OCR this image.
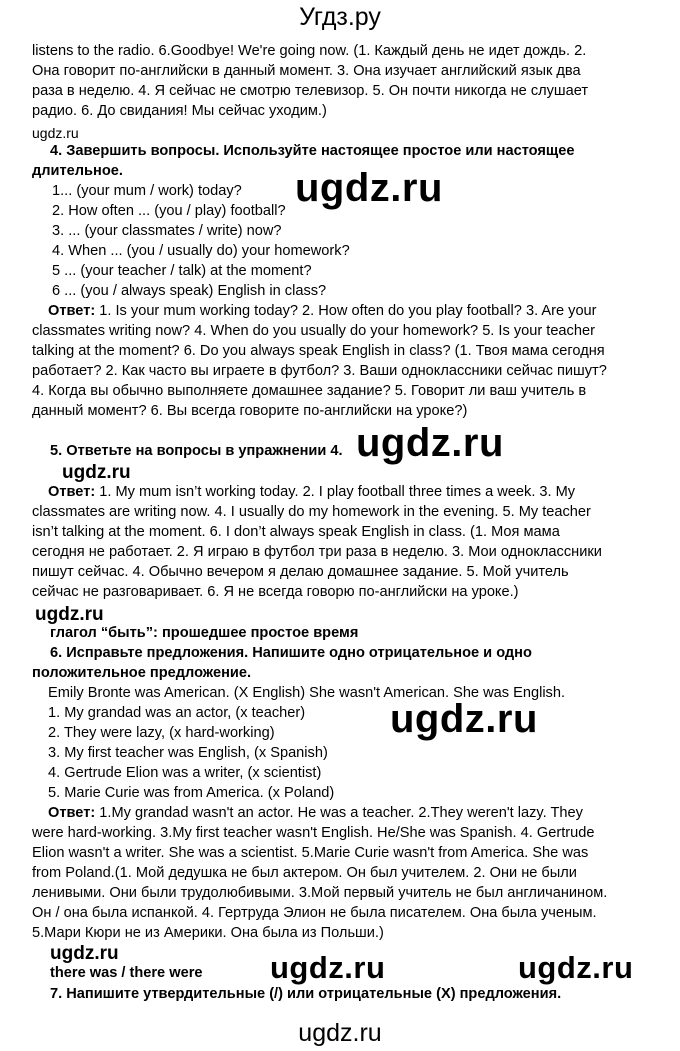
Угдз.ру
listens to the radio. 6.Goodbye! We're going now. (1. Каждый день не идет дождь. 2.
Она говорит по-английски в данный момент. 3. Она изучает английский язык два
раза в неделю. 4. Я сейчас не смотрю телевизор. 5. Он почти никогда не слушает
радио. 6. До свидания! Мы сейчас уходим.)
ugdz.ru
4. Завершить вопросы. Используйте настоящее простое или настоящее
длительное.	ugdz.ru
1... (your mum / work) today?
2. How often ... (you / play) football?
3. ... (your classmates / write) now?
4. When ... (you / usually do) your homework?
5 ... (your teacher / talk) at the moment?
6 ... (you / always speak) English in class?
Ответ: 1. Is your mum working today? 2. How often do you play football? 3. Are your
classmates writing now? 4. When do you usually do your homework? 5. Is your teacher
talking at the moment? 6. Do you always speak English in class? (1. Твоя мама сегодня
работает? 2. Как часто вы играете в футбол? 3. Ваши одноклассники сейчас пишут?
4. Когда вы обычно выполняете домашнее задание? 5. Говорит ли ваш учитель в
данный момент? 6. Вы всегда говорите по-английски на уроке?)
5. Ответьте на вопросы в упражнении 4. ugdz.ru
ugdz.ru
Ответ: 1. My mum isn’t working today. 2. I play football three times a week. 3. My
classmates are writing now. 4. I usually do my homework in the evening. 5. My teacher
isn’t talking at the moment. 6. I don’t always speak English in class. (1. Моя мама
сегодня не работает. 2. Я играю в футбол три раза в неделю. 3. Мои одноклассники
пишут сейчас. 4. Обычно вечером я делаю домашнее задание. 5. Мой учитель
сейчас не разговаривает. 6. Я не всегда говорю по-английски на уроке.)
ugdz.ru
глагол “быть”: прошедшее простое время
6. Исправьте предложения. Напишите одно отрицательное и одно
положительное предложение.
Emily Bronte was American. (X English) She wasn't American. She was English.
1. My grandad was an actor, (x teacher) ugdz.ru
2. They were lazy, (x hard-working)
3. My first teacher was English, (x Spanish)
4. Gertrude Elion was a writer, (x scientist)
5. Marie Curie was from America. (x Poland)
Ответ: 1.My grandad wasn't an actor. He was a teacher. 2.They weren't lazy. They
were hard-working. 3.My first teacher wasn't English. He/She was Spanish. 4. Gertrude
Elion wasn't a writer. She was a scientist. 5.Marie Curie wasn't from America. She was
from Poland.(1. Мой дедушка не был актером. Он был учителем. 2. Они не были
ленивыми. Они были трудолюбивыми. 3.Мой первый учитель не был англичанином.
Он / она была испанкой. 4. Гертруда Элион не была писателем. Она была ученым.
5.Мари Кюри не из Америки. Она была из Польши.)
ugdz.ru
there was / there were ugdz.ru	ugdz.ru
7. Напишите утвердительные (/) или отрицательные (X) предложения.
ugdz.ru
